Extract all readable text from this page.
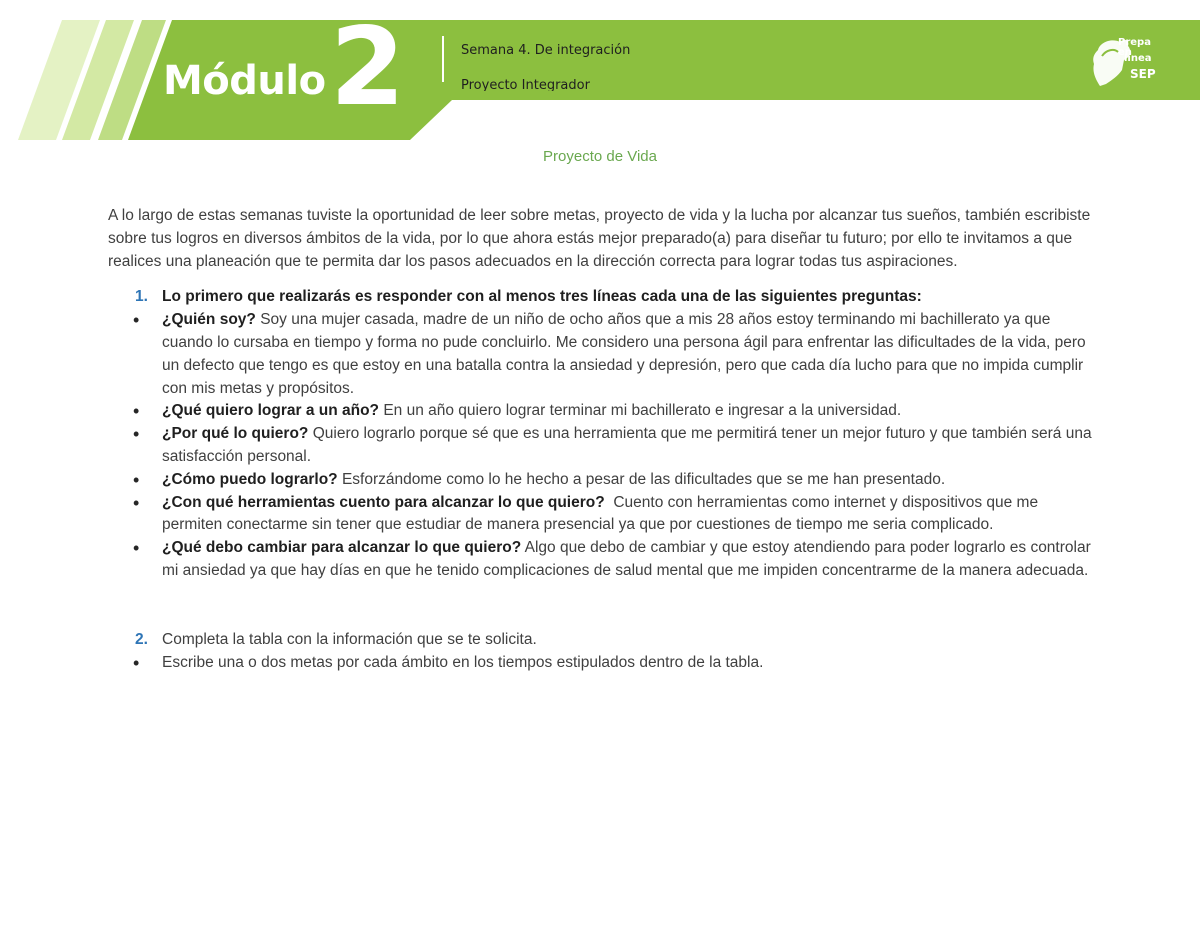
Módulo 2	Semana 4. De integración
Proyecto Integrador
Prepa en
línea
SEP
Proyecto de Vida

A lo largo de estas semanas tuviste la oportunidad de leer sobre metas, proyecto de vida y la lucha por alcanzar tus sueños, también escribiste sobre tus logros en diversos ámbitos de la vida, por lo que ahora estás mejor preparado(a) para diseñar tu futuro; por ello te invitamos a que realices una planeación que te permita dar los pasos adecuados en la dirección correcta para lograr todas tus aspiraciones.

1. Lo primero que realizarás es responder con al menos tres líneas cada una de las siguientes preguntas:
• ¿Quién soy? Soy una mujer casada, madre de un niño de ocho años que a mis 28 años estoy terminando mi bachillerato ya que cuando lo cursaba en tiempo y forma no pude concluirlo. Me considero una persona ágil para enfrentar las dificultades de la vida, pero un defecto que tengo es que estoy en una batalla contra la ansiedad y depresión, pero que cada día lucho para que no impida cumplir con mis metas y propósitos.
• ¿Qué quiero lograr a un año? En un año quiero lograr terminar mi bachillerato e ingresar a la universidad.
• ¿Por qué lo quiero? Quiero lograrlo porque sé que es una herramienta que me permitirá tener un mejor futuro y que también será una satisfacción personal.
• ¿Cómo puedo lograrlo? Esforzándome como lo he hecho a pesar de las dificultades que se me han presentado.
• ¿Con qué herramientas cuento para alcanzar lo que quiero? Cuento con herramientas como internet y dispositivos que me permiten conectarme sin tener que estudiar de manera presencial ya que por cuestiones de tiempo me seria complicado.
• ¿Qué debo cambiar para alcanzar lo que quiero? Algo que debo de cambiar y que estoy atendiendo para poder lograrlo es controlar mi ansiedad ya que hay días en que he tenido complicaciones de salud mental que me impiden concentrarme de la manera adecuada.
2. Completa la tabla con la información que se te solicita.
• Escribe una o dos metas por cada ámbito en los tiempos estipulados dentro de la tabla.
